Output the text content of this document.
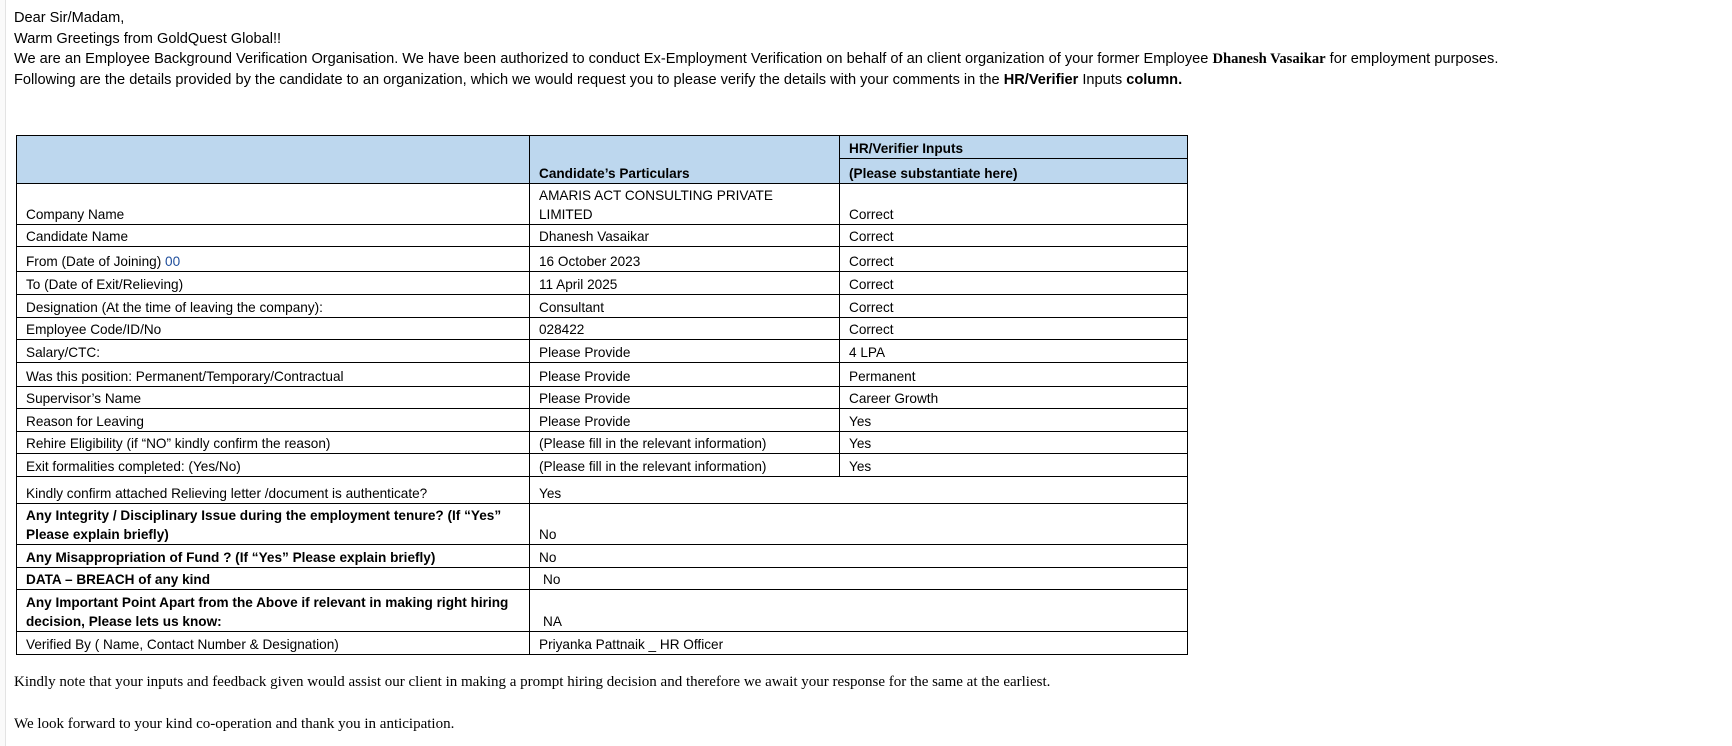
Dear Sir/Madam,
Warm Greetings from GoldQuest Global!!
We are an Employee Background Verification Organisation. We have been authorized to conduct Ex-Employment Verification on behalf of an client organization of your former Employee Dhanesh Vasaikar for employment purposes.
Following are the details provided by the candidate to an organization, which we would request you to please verify the details with your comments in the HR/Verifier Inputs column.
	Candidate’s Particulars	HR/Verifier Inputs
		(Please substantiate here)
Company Name	AMARIS ACT CONSULTING PRIVATE LIMITED	Correct
Candidate Name	Dhanesh Vasaikar	Correct
From (Date of Joining) 00	16 October 2023	Correct
To (Date of Exit/Relieving)	11 April 2025	Correct
Designation (At the time of leaving the company):	Consultant	Correct
Employee Code/ID/No	028422	Correct
Salary/CTC:	Please Provide	4 LPA
Was this position: Permanent/Temporary/Contractual	Please Provide	Permanent
Supervisor’s Name	Please Provide	Career Growth
Reason for Leaving	Please Provide	Yes
Rehire Eligibility (if “NO” kindly confirm the reason)	(Please fill in the relevant information)	Yes
Exit formalities completed: (Yes/No)	(Please fill in the relevant information)	Yes
Kindly confirm attached Relieving letter /document is authenticate?	Yes	
Any Integrity / Disciplinary Issue during the employment tenure? (If “Yes” Please explain briefly)	No	
Any Misappropriation of Fund ? (If “Yes” Please explain briefly)	No	
DATA – BREACH of any kind	No	
Any Important Point Apart from the Above if relevant in making right hiring decision, Please lets us know:	NA	
Verified By ( Name, Contact Number & Designation)	Priyanka Pattnaik _ HR Officer	
Kindly note that your inputs and feedback given would assist our client in making a prompt hiring decision and therefore we await your response for the same at the earliest.
We look forward to your kind co-operation and thank you in anticipation.
